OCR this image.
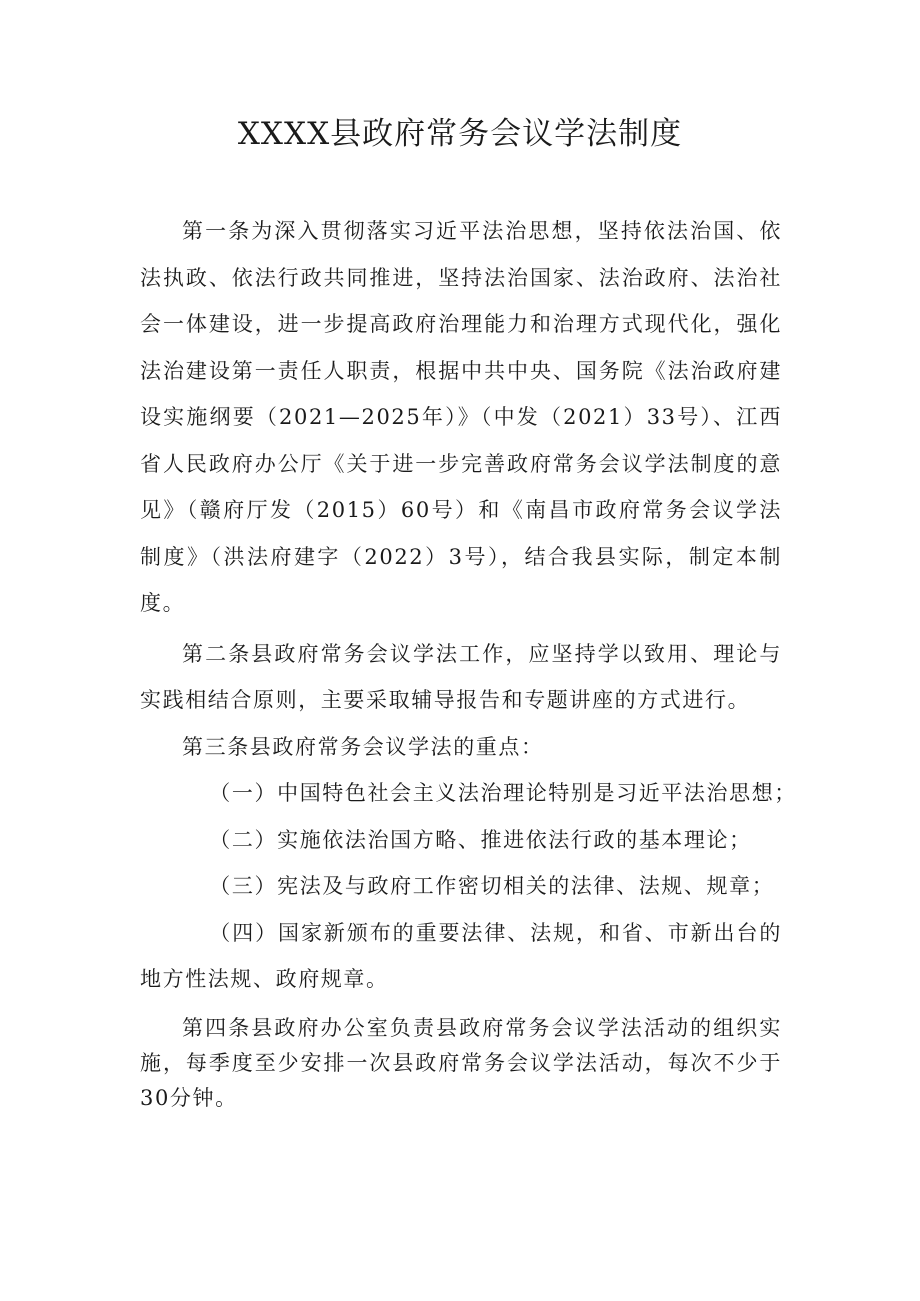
XXXX县政府常务会议学法制度

第一条为深入贯彻落实习近平法治思想，坚持依法治国、依法执政、依法行政共同推进，坚持法治国家、法治政府、法治社会一体建设，进一步提高政府治理能力和治理方式现代化，强化法治建设第一责任人职责，根据中共中央、国务院《法治政府建设实施纲要（2021—2025年）》（中发（2021）33号）、江西省人民政府办公厅《关于进一步完善政府常务会议学法制度的意见》（赣府厅发（2015）60号）和《南昌市政府常务会议学法制度》（洪法府建字（2022）3号），结合我县实际，制定本制度。

第二条县政府常务会议学法工作，应坚持学以致用、理论与实践相结合原则，主要采取辅导报告和专题讲座的方式进行。

第三条县政府常务会议学法的重点：

（一）中国特色社会主义法治理论特别是习近平法治思想；

（二）实施依法治国方略、推进依法行政的基本理论；

（三）宪法及与政府工作密切相关的法律、法规、规章；

（四）国家新颁布的重要法律、法规，和省、市新出台的地方性法规、政府规章。

第四条县政府办公室负责县政府常务会议学法活动的组织实施，每季度至少安排一次县政府常务会议学法活动，每次不少于30分钟。
